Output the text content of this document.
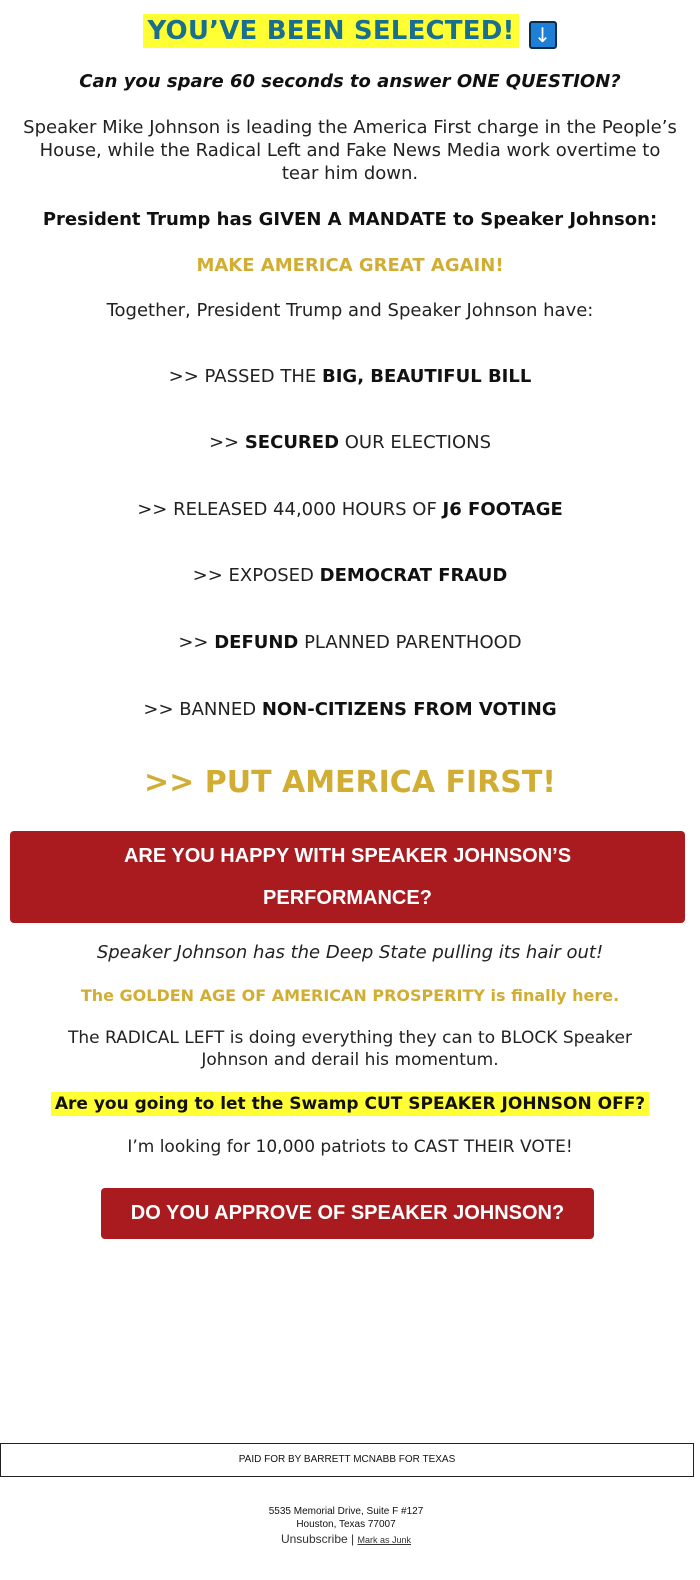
YOU’VE BEEN SELECTED! ↓
Can you spare 60 seconds to answer ONE QUESTION?
Speaker Mike Johnson is leading the America First charge in the People’s House, while the Radical Left and Fake News Media work overtime to tear him down.
President Trump has GIVEN A MANDATE to Speaker Johnson:
MAKE AMERICA GREAT AGAIN!
Together, President Trump and Speaker Johnson have:
>> PASSED THE BIG, BEAUTIFUL BILL
>> SECURED OUR ELECTIONS
>> RELEASED 44,000 HOURS OF J6 FOOTAGE
>> EXPOSED DEMOCRAT FRAUD
>> DEFUND PLANNED PARENTHOOD
>> BANNED NON-CITIZENS FROM VOTING
>> PUT AMERICA FIRST!
ARE YOU HAPPY WITH SPEAKER JOHNSON’S
PERFORMANCE?
Speaker Johnson has the Deep State pulling its hair out!
The GOLDEN AGE OF AMERICAN PROSPERITY is finally here.
The RADICAL LEFT is doing everything they can to BLOCK Speaker Johnson and derail his momentum.
Are you going to let the Swamp CUT SPEAKER JOHNSON OFF?
I’m looking for 10,000 patriots to CAST THEIR VOTE!
DO YOU APPROVE OF SPEAKER JOHNSON?
PAID FOR BY BARRETT MCNABB FOR TEXAS
5535 Memorial Drive, Suite F #127
Houston, Texas 77007
Unsubscribe | Mark as Junk
